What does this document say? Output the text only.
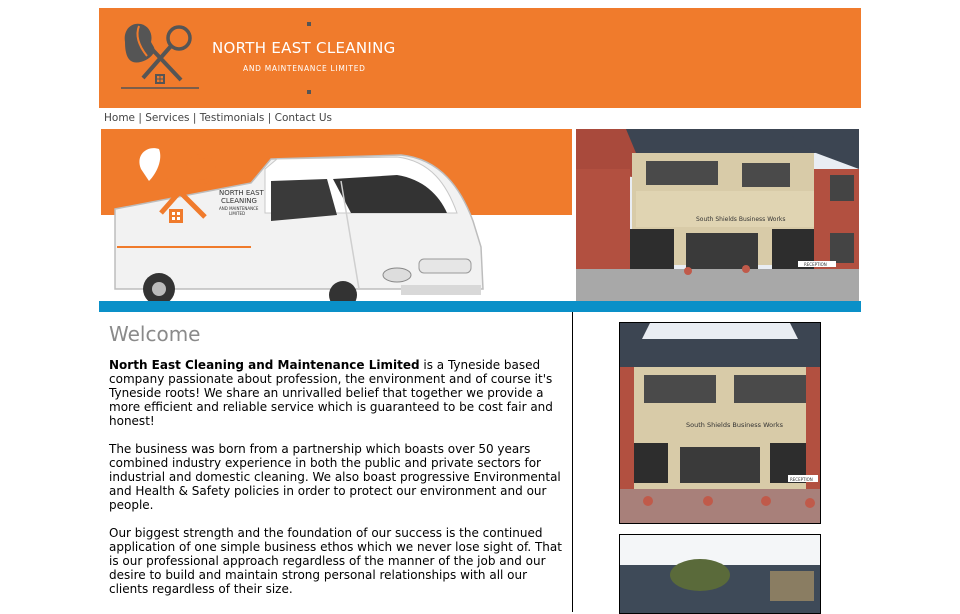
NORTH EAST CLEANING
AND MAINTENANCE LIMITED
Home | Services | Testimonials | Contact Us
NORTH EAST
CLEANING
AND MAINTENANCE
LIMITED
South Shields Business Works
RECEPTION
Welcome

North East Cleaning and Maintenance Limited is a Tyneside based company passionate about profession, the environment and of course it's Tyneside roots! We share an unrivalled belief that together we provide a more efficient and reliable service which is guaranteed to be cost fair and honest!

The business was born from a partnership which boasts over 50 years combined industry experience in both the public and private sectors for industrial and domestic cleaning. We also boast progressive Environmental and Health & Safety policies in order to protect our environment and our people.

Our biggest strength and the foundation of our success is the continued application of one simple business ethos which we never lose sight of. That is our professional approach regardless of the manner of the job and our desire to build and maintain strong personal relationships with all our clients regardless of their size.

South Shields Business Works
RECEPTION
